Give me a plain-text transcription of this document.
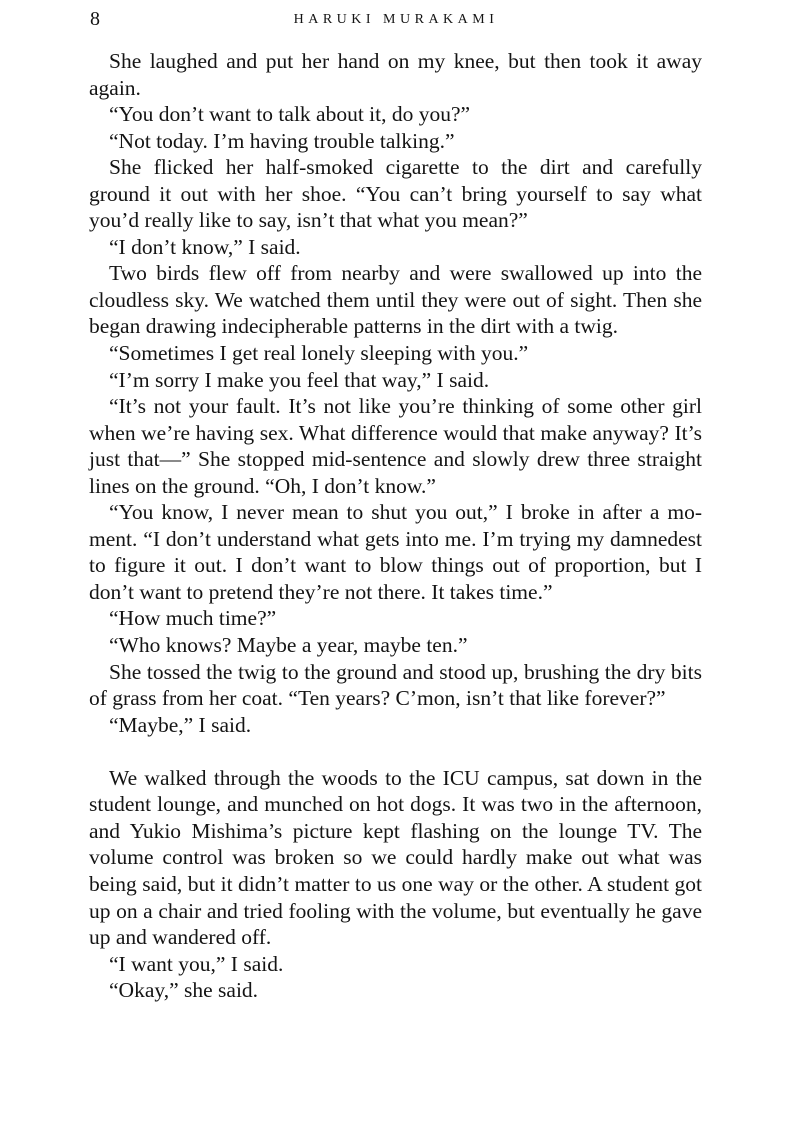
8	HARUKI MURAKAMI

She laughed and put her hand on my knee, but then took it away again.

“You don’t want to talk about it, do you?”

“Not today. I’m having trouble talking.”

She flicked her half-smoked cigarette to the dirt and carefully ground it out with her shoe. “You can’t bring yourself to say what you’d really like to say, isn’t that what you mean?”

“I don’t know,” I said.

Two birds flew off from nearby and were swallowed up into the cloudless sky. We watched them until they were out of sight. Then she began drawing indecipherable patterns in the dirt with a twig.

“Sometimes I get real lonely sleeping with you.”

“I’m sorry I make you feel that way,” I said.

“It’s not your fault. It’s not like you’re thinking of some other girl when we’re having sex. What difference would that make anyway? It’s just that—” She stopped mid-sentence and slowly drew three straight lines on the ground. “Oh, I don’t know.”

“You know, I never mean to shut you out,” I broke in after a moment. “I don’t understand what gets into me. I’m trying my damnedest to figure it out. I don’t want to blow things out of proportion, but I don’t want to pretend they’re not there. It takes time.”

“How much time?”

“Who knows? Maybe a year, maybe ten.”

She tossed the twig to the ground and stood up, brushing the dry bits of grass from her coat. “Ten years? C’mon, isn’t that like forever?”

“Maybe,” I said.

We walked through the woods to the ICU campus, sat down in the student lounge, and munched on hot dogs. It was two in the afternoon, and Yukio Mishima’s picture kept flashing on the lounge TV. The volume control was broken so we could hardly make out what was being said, but it didn’t matter to us one way or the other. A student got up on a chair and tried fooling with the volume, but eventually he gave up and wandered off.

“I want you,” I said.

“Okay,” she said.
